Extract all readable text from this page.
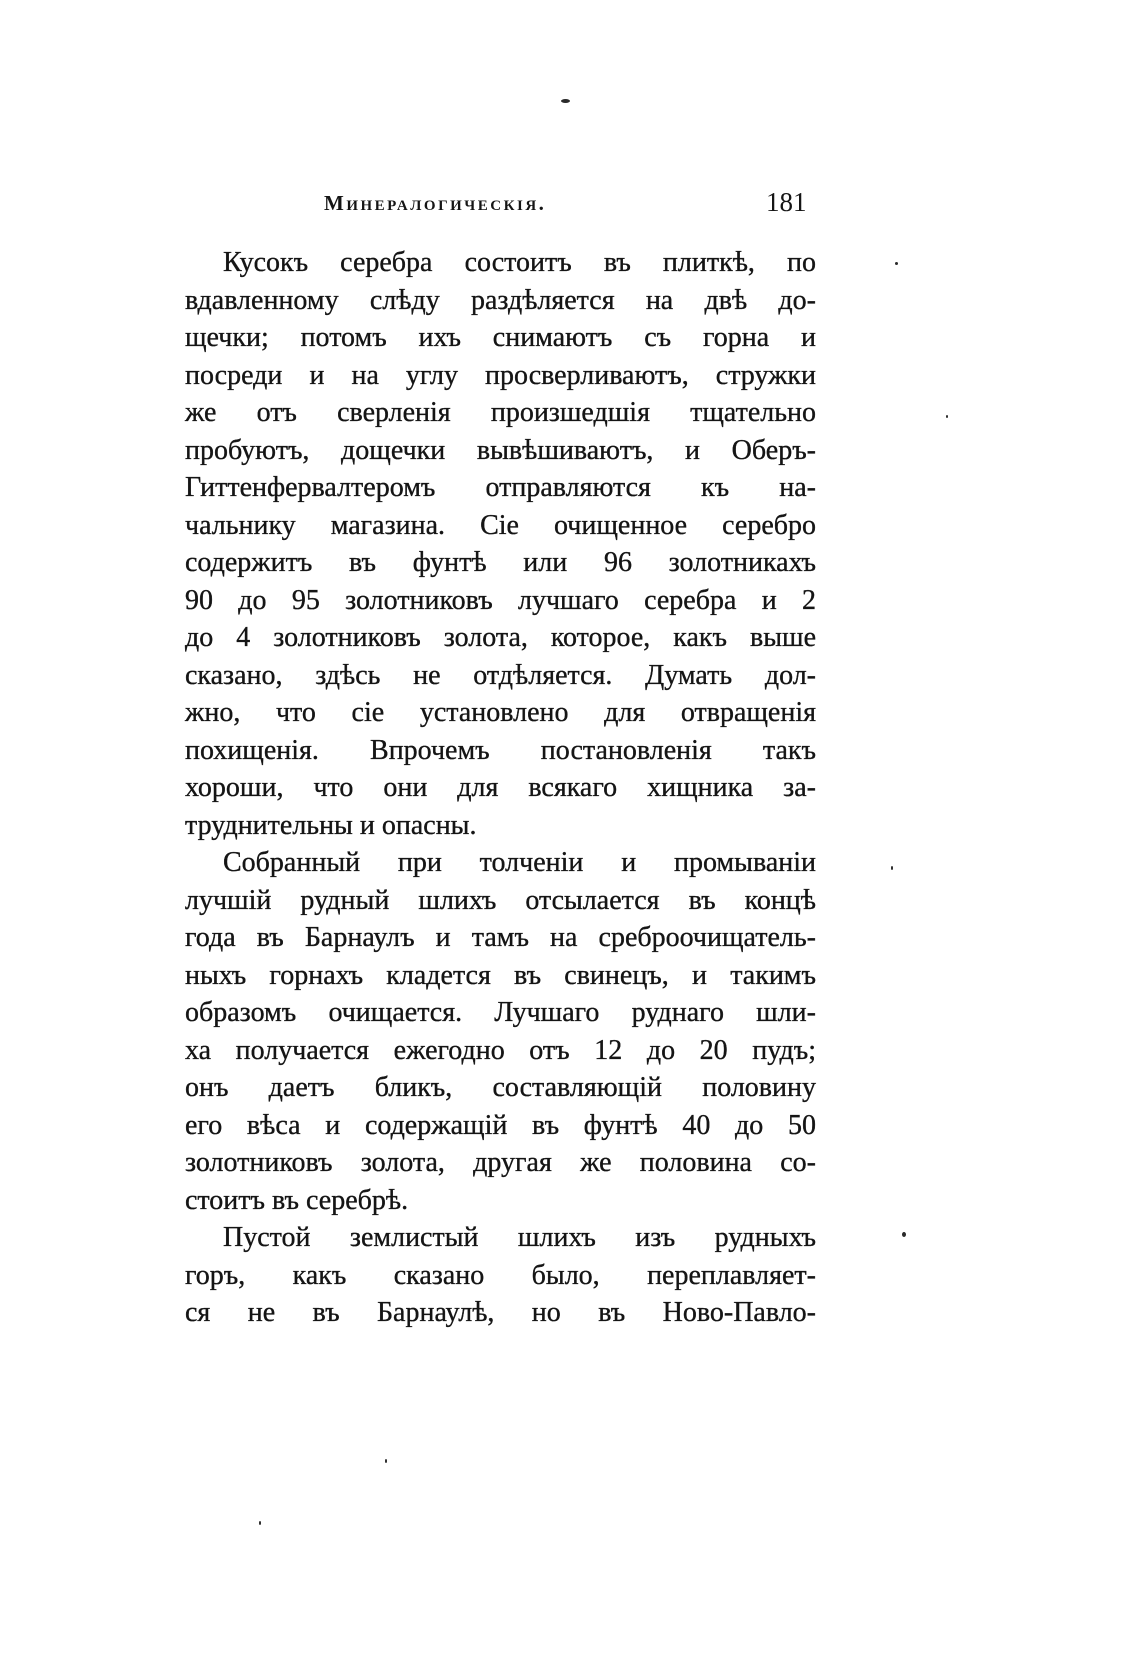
Минералогическія.	181
Кусокъ серебра состоитъ въ плиткѣ, по
вдавленному слѣду раздѣляется на двѣ до-
щечки; потомъ ихъ снимаютъ съ горна и
посреди и на углу просверливаютъ, стружки
же отъ сверленія произшедшія тщательно
пробуютъ, дощечки вывѣшиваютъ, и Оберъ-
Гиттенфервалтеромъ отправляются къ на-
чальнику магазина. Сіе очищенное серебро
содержитъ въ фунтѣ или 96 золотникахъ
90 до 95 золотниковъ лучшаго серебра и 2
до 4 золотниковъ золота, которое, какъ выше
сказано, здѣсь не отдѣляется. Думать дол-
жно, что сіе установлено для отвращенія
похищенія. Впрочемъ постановленія такъ
хороши, что они для всякаго хищника за-
труднительны и опасны.
Собранный при толченіи и промываніи
лучшій рудный шлихъ отсылается въ концѣ
года въ Барнаулъ и тамъ на среброочищатель-
ныхъ горнахъ кладется въ свинецъ, и такимъ
образомъ очищается. Лучшаго руднаго шли-
ха получается ежегодно отъ 12 до 20 пудъ;
онъ даетъ бликъ, составляющій половину
его вѣса и содержащій въ фунтѣ 40 до 50
золотниковъ золота, другая же половина со-
стоитъ въ серебрѣ.
Пустой землистый шлихъ изъ рудныхъ
горъ, какъ сказано было, переплавляет-
ся не въ Барнаулѣ, но въ Ново-Павло-
